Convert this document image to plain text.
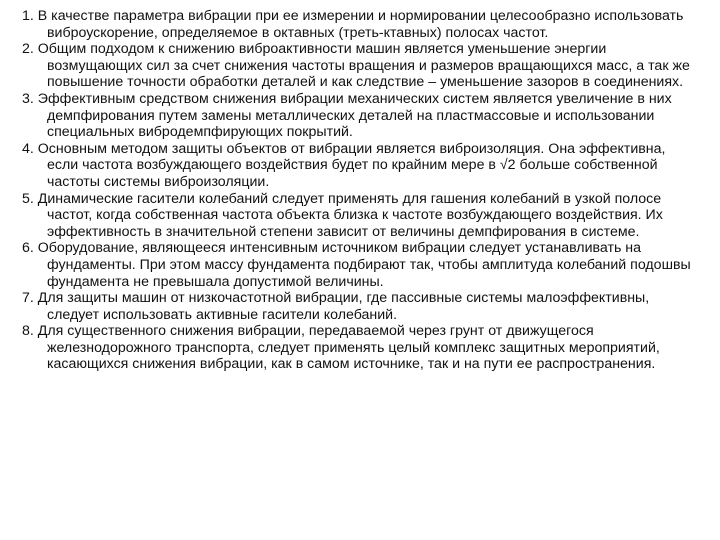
1. В качестве параметра вибрации при ее измерении и нормировании целесообразно использовать виброускорение, определяемое в октавных (треть-ктавных) полосах частот.
2. Общим подходом к снижению виброактивности машин является уменьшение энергии возмущающих сил за счет снижения частоты вращения и размеров вращающихся масс, а так же повышение точности обработки деталей и как следствие – уменьшение зазоров в соединениях.
3. Эффективным средством снижения вибрации механических систем является увеличение в них демпфирования путем замены металлических деталей на пластмассовые и использовании специальных вибродемпфирующих покрытий.
4. Основным методом защиты объектов от вибрации является виброизоляция. Она эффективна, если частота возбуждающего воздействия будет по крайним мере в √2 больше собственной частоты системы виброизоляции.
5. Динамические гасители колебаний следует применять для гашения колебаний в узкой полосе частот, когда собственная частота объекта близка к частоте возбуждающего воздействия. Их эффективность в значительной степени зависит от величины демпфирования в системе.
6. Оборудование, являющееся интенсивным источником вибрации следует устанавливать на фундаменты. При этом массу фундамента подбирают так, чтобы амплитуда колебаний подошвы фундамента не превышала допустимой величины.
7. Для защиты машин от низкочастотной вибрации, где пассивные системы малоэффективны, следует использовать активные гасители колебаний.
8. Для существенного снижения вибрации, передаваемой через грунт от движущегося железнодорожного транспорта, следует применять целый комплекс защитных мероприятий, касающихся снижения вибрации, как в самом источнике, так и на пути ее распространения.
